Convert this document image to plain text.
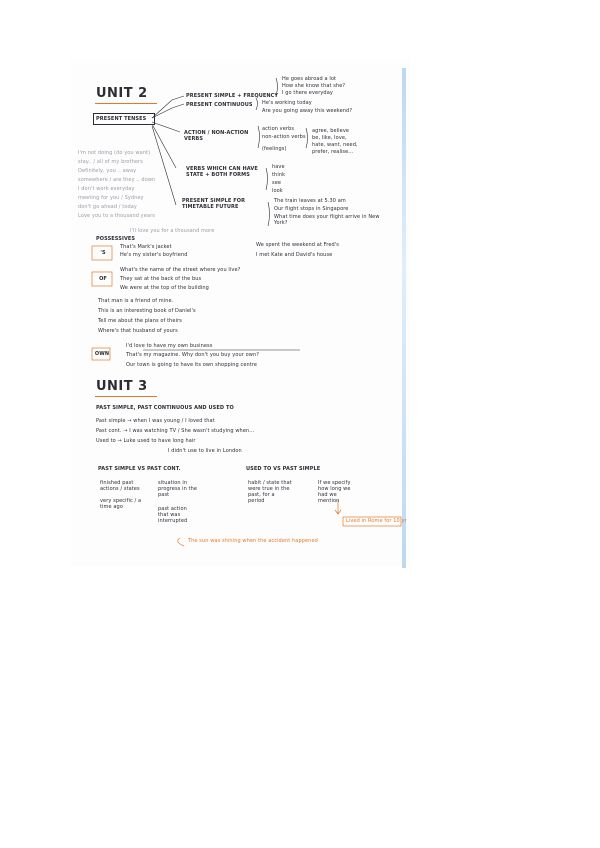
UNIT 2
PRESENT TENSES
PRESENT SIMPLE + FREQUENCY
He goes abroad a lot
How she know that she?
I go there everyday
PRESENT CONTINUOUS He's working today
Are you going away this weekend?
ACTION / NON-ACTION VERBS
action verbs
non-action verbs
(feelings)
agree, believe
be, like, love,
hate, want, need,
prefer, realise...
VERBS WHICH CAN HAVE STATE + BOTH FORMS
have
think
see
look
PRESENT SIMPLE FOR TIMETABLE FUTURE
The train leaves at 5.30 am
Our flight stops in Singapore
What time does your flight arrive in New York?
I'm not doing (do you want)
stay.. / all of my brothers
Definitely, you .. away
somewhere / are they .. down
I don't work everyday
meeting for you / Sydney
don't go ahead / today
Love you to a thousand years
I'll love you for a thousand more
POSSESSIVES
'S
That's Mark's jacket
He's my sister's boyfriend
We spent the weekend at Fred's
I met Kate and David's house
OF
What's the name of the street where you live?
They sat at the back of the bus
We were at the top of the building
That man is a friend of mine.
This is an interesting book of Daniel's
Tell me about the plans of theirs
Where's that husband of yours
OWN
I'd love to have my own business
That's my magazine. Why don't you buy your own?
Our town is going to have its own shopping centre
UNIT 3
PAST SIMPLE, PAST CONTINUOUS AND USED TO
Past simple → when I was young / I loved that
Past cont. → I was watching TV / She wasn't studying when...
Used to → Luke used to have long hair
I didn't use to live in London
PAST SIMPLE VS PAST CONT.
finished past actions / states
very specific / a time ago
situation in progress in the past
past action that was interrupted
USED TO VS PAST SIMPLE
habit / state that were true in the past, for a period
If we specify how long we had we mention
Lived in Rome for 10 yr
The sun was shining when the accident happened
